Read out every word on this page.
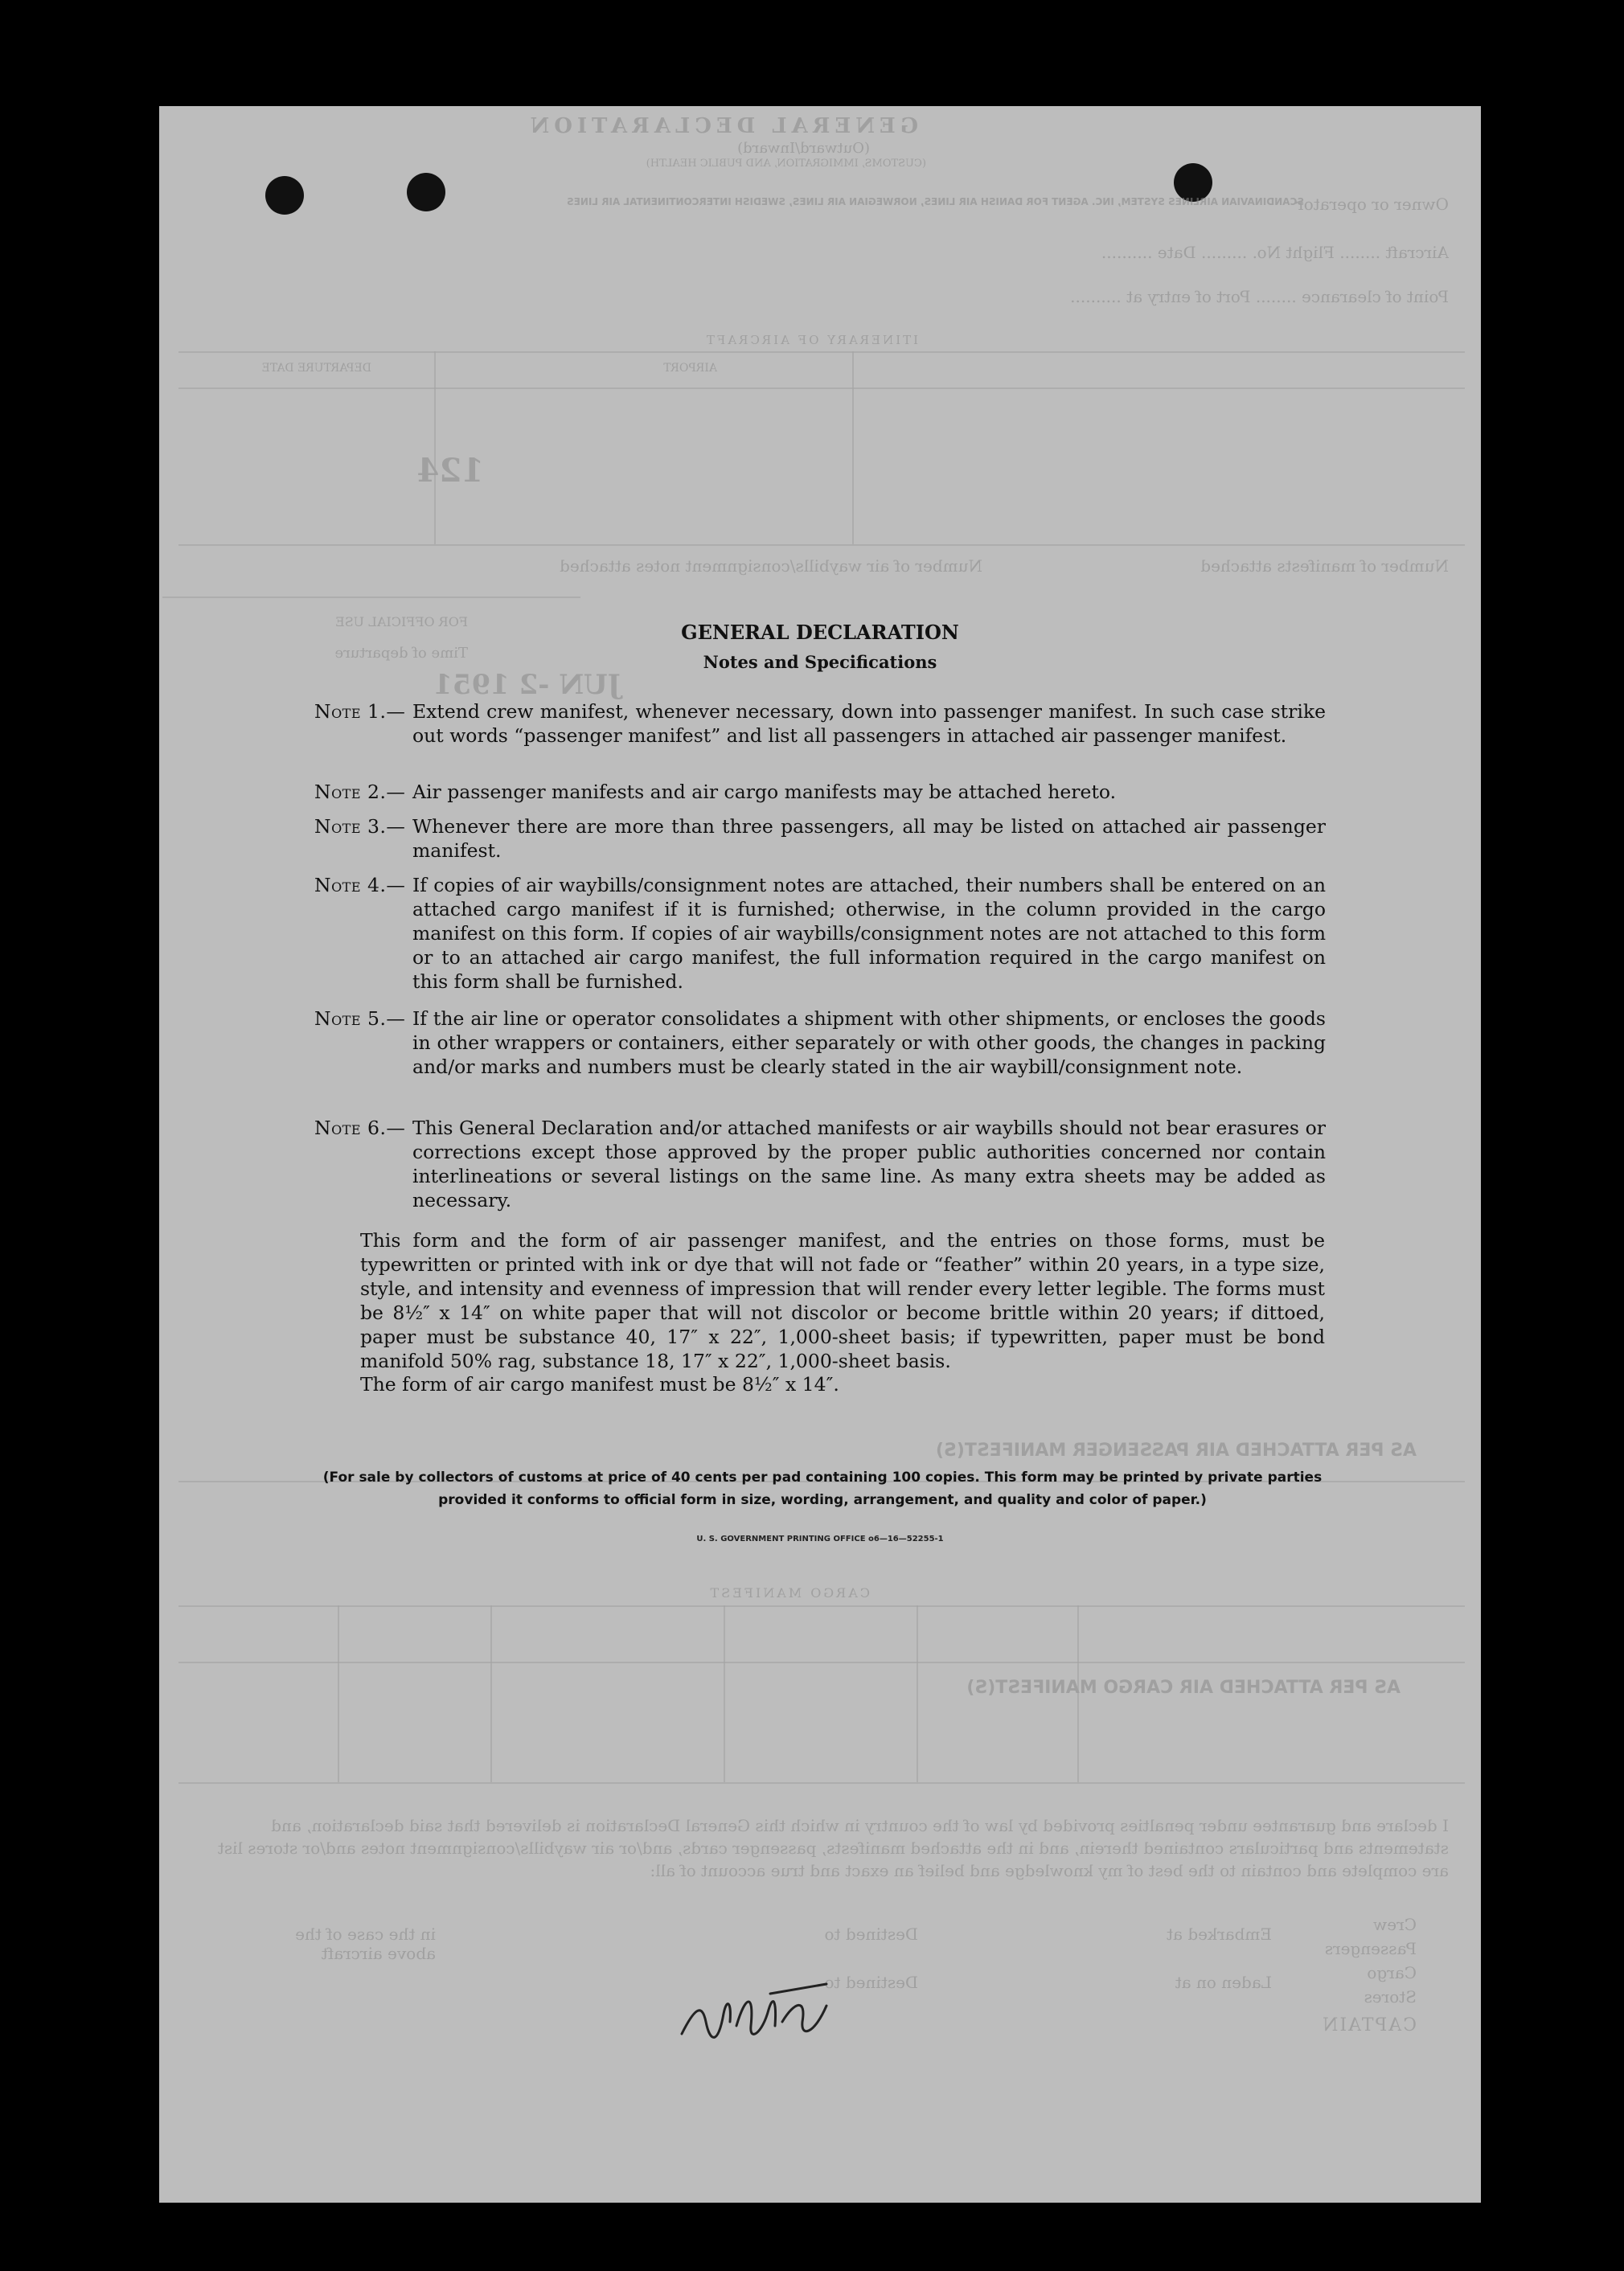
GENERAL DECLARATION
(Outward/Inward)
(CUSTOMS, IMMIGRATION, AND PUBLIC HEALTH)
Owner or operator
SCANDINAVIAN AIRLINES SYSTEM, INC. AGENT FOR DANISH AIR LINES, NORWEGIAN AIR LINES, SWEDISH INTERCONTINENTAL AIR LINES
Aircraft ........ Flight No. ......... Date ..........
Point of clearance ........ Port of entry at ..........
ITINERARY OF AIRCRAFT
AIRPORT
DEPARTURE DATE
124
Number of manifests attached
Number of air waybills/consignment notes attached
FOR OFFICIAL USE
Time of departure
JUN -2 1951
AS PER ATTACHED AIR PASSENGER MANIFEST(S)
CARGO MANIFEST
AS PER ATTACHED AIR CARGO MANIFEST(S)
I declare and guarantee under penalties provided by law of the country in which this General Declaration is delivered that said declaration, and statements and particulars contained therein, and in the attached manifests, passenger cards, and/or air waybills/consignment notes and/or stores list are complete and contain to the best of my knowledge and belief an exact and true account of all:
Crew
Passengers
Cargo
Stores
Embarked at
Laden on at
Destined to
Destined to
in the case of the above aircraft
CAPTAIN
GENERAL DECLARATION
Notes and Specifications
Note 1.— Extend crew manifest, whenever necessary, down into passenger manifest. In such case strike out words “passenger manifest” and list all passengers in attached air passenger manifest.
Note 2.— Air passenger manifests and air cargo manifests may be attached hereto.
Note 3.— Whenever there are more than three passengers, all may be listed on attached air passenger manifest.
Note 4.— If copies of air waybills/consignment notes are attached, their numbers shall be entered on an attached cargo manifest if it is furnished; otherwise, in the column provided in the cargo manifest on this form. If copies of air waybills/consignment notes are not attached to this form or to an attached air cargo manifest, the full information required in the cargo manifest on this form shall be furnished.
Note 5.— If the air line or operator consolidates a shipment with other shipments, or encloses the goods in other wrappers or containers, either separately or with other goods, the changes in packing and/or marks and numbers must be clearly stated in the air waybill/consignment note.
Note 6.— This General Declaration and/or attached manifests or air waybills should not bear erasures or corrections except those approved by the proper public authorities concerned nor contain interlineations or several listings on the same line. As many extra sheets may be added as necessary.
This form and the form of air passenger manifest, and the entries on those forms, must be typewritten or printed with ink or dye that will not fade or “feather” within 20 years, in a type size, style, and intensity and evenness of impression that will render every letter legible. The forms must be 8½″ x 14″ on white paper that will not discolor or become brittle within 20 years; if dittoed, paper must be substance 40, 17″ x 22″, 1,000-sheet basis; if typewritten, paper must be bond manifold 50% rag, substance 18, 17″ x 22″, 1,000-sheet basis.
The form of air cargo manifest must be 8½″ x 14″.
(For sale by collectors of customs at price of 40 cents per pad containing 100 copies. This form may be printed by private parties provided it conforms to official form in size, wording, arrangement, and quality and color of paper.)
U. S. GOVERNMENT PRINTING OFFICE o6—16—52255-1
